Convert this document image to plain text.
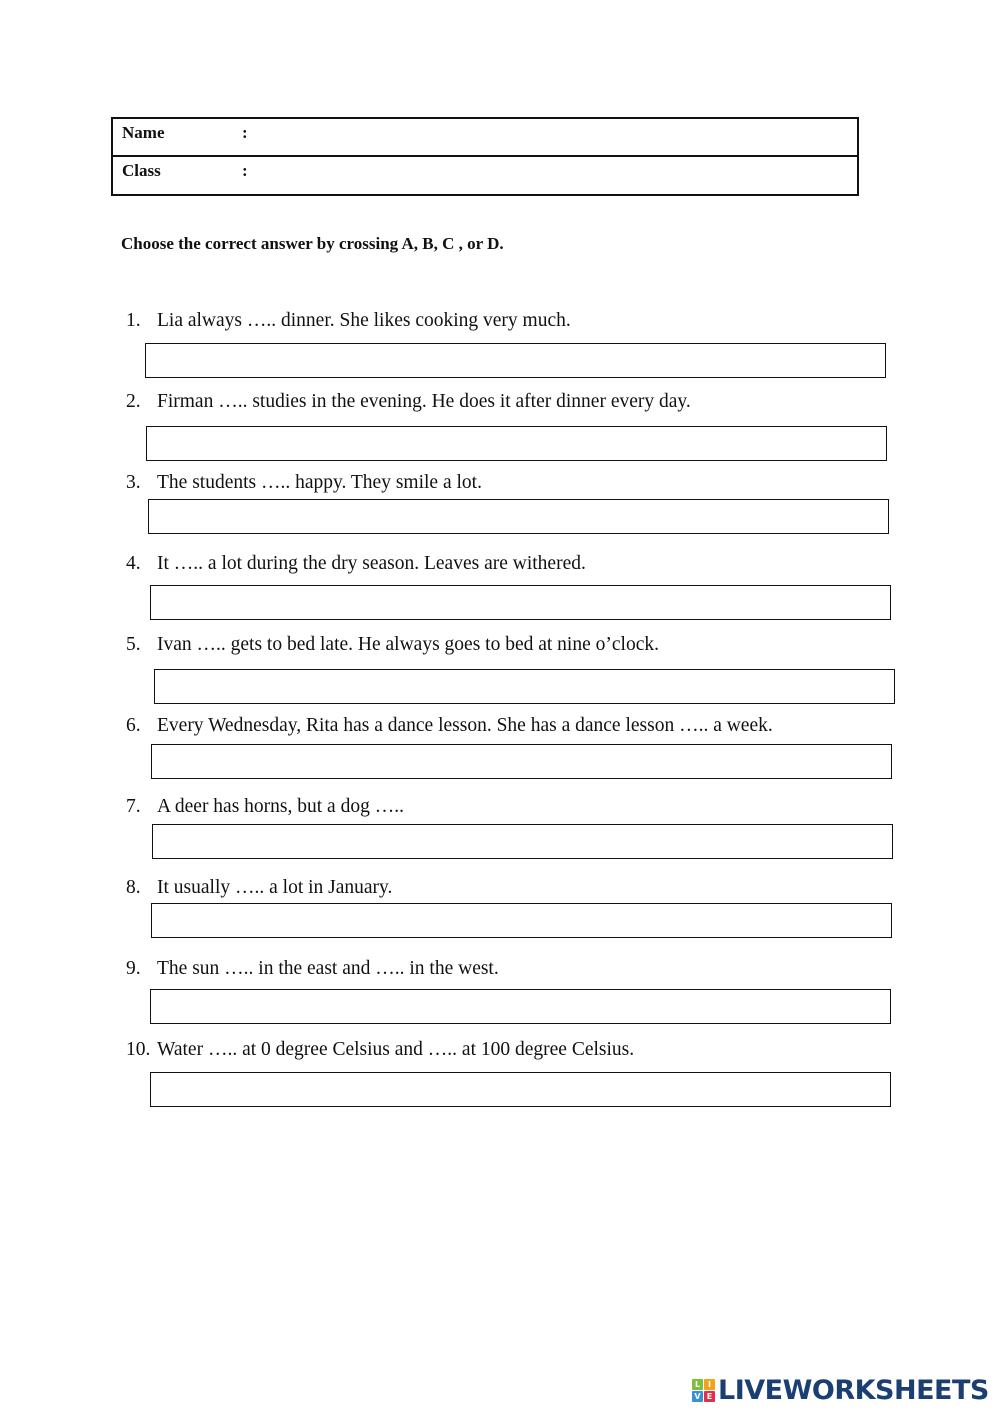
Name	:
Class	:
Choose the correct answer by crossing A, B, C , or D.
1. Lia always ….. dinner. She likes cooking very much.
2. Firman ….. studies in the evening. He does it after dinner every day.
3. The students ….. happy. They smile a lot.
4. It ….. a lot during the dry season. Leaves are withered.
5. Ivan ….. gets to bed late. He always goes to bed at nine o’clock.
6. Every Wednesday, Rita has a dance lesson. She has a dance lesson ….. a week.
7. A deer has horns, but a dog …..
8. It usually ….. a lot in January.
9. The sun ….. in the east and ….. in the west.
10. Water ….. at 0 degree Celsius and ….. at 100 degree Celsius.
L I
V E LIVEWORKSHEETS
